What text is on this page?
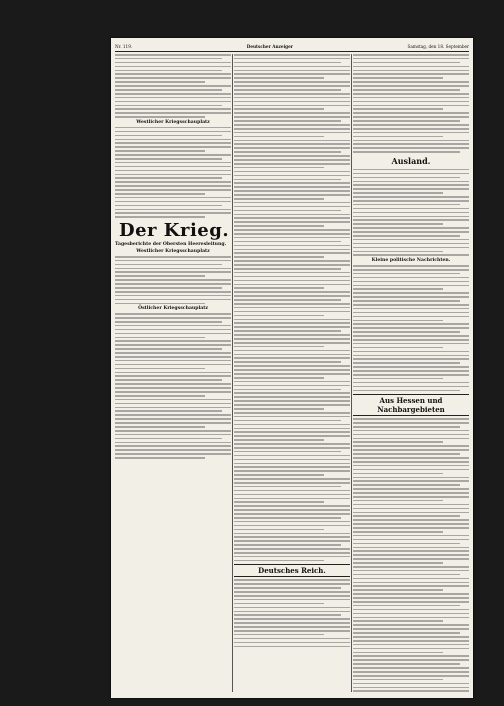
Nr. 119.	Deutscher Anzeiger	Samstag, den 18. September
Westlicher Kriegsschauplatz
Der Krieg.
Tagesberichte der Obersten Heeresleitung.
Westlicher Kriegsschauplatz
Östlicher Kriegsschauplatz
Deutsches Reich.
Ausland.
Kleine politische Nachrichten.
Aus Hessen und Nachbargebieten
